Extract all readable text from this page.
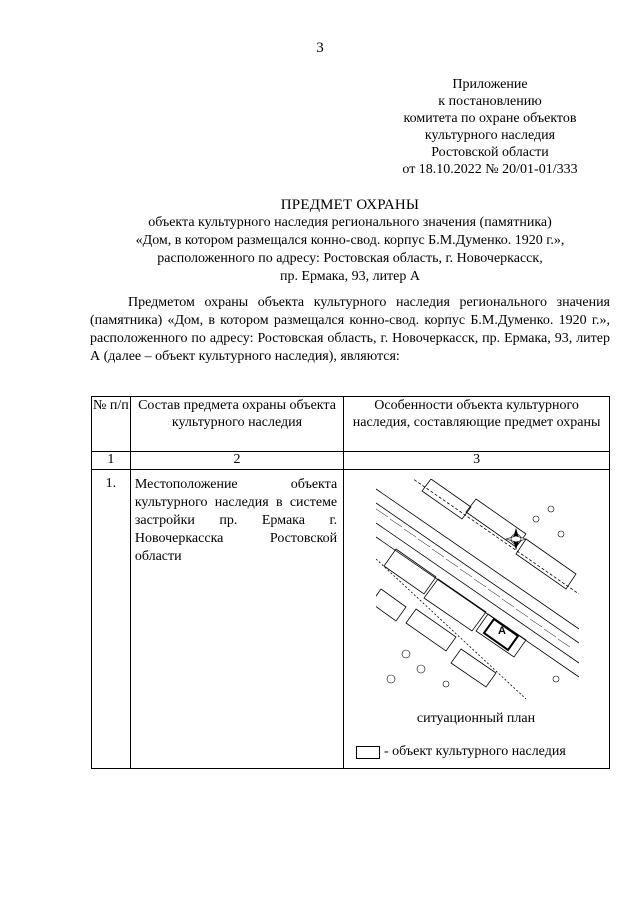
3
Приложение
к постановлению
комитета по охране объектов
культурного наследия
Ростовской области
от 18.10.2022 № 20/01-01/333
ПРЕДМЕТ ОХРАНЫ
объекта культурного наследия регионального значения (памятника)
«Дом, в котором размещался конно-свод. корпус Б.М.Думенко. 1920 г.»,
расположенного по адресу: Ростовская область, г. Новочеркасск,
пр. Ермака, 93, литер А
Предметом охраны объекта культурного наследия регионального значения (памятника) «Дом, в котором размещался конно-свод. корпус Б.М.Думенко. 1920 г.», расположенного по адресу: Ростовская область, г. Новочеркасск, пр. Ермака, 93, литер А (далее – объект культурного наследия), являются:
№ п/п	Состав предмета охраны объекта культурного наследия	Особенности объекта культурного наследия, составляющие предмет охраны
1	2	3
1.	Местоположение объекта культурного наследия в системе застройки пр. Ермака г. Новочеркасска Ростовской области	
А
ситуационный план
- объект культурного наследия
